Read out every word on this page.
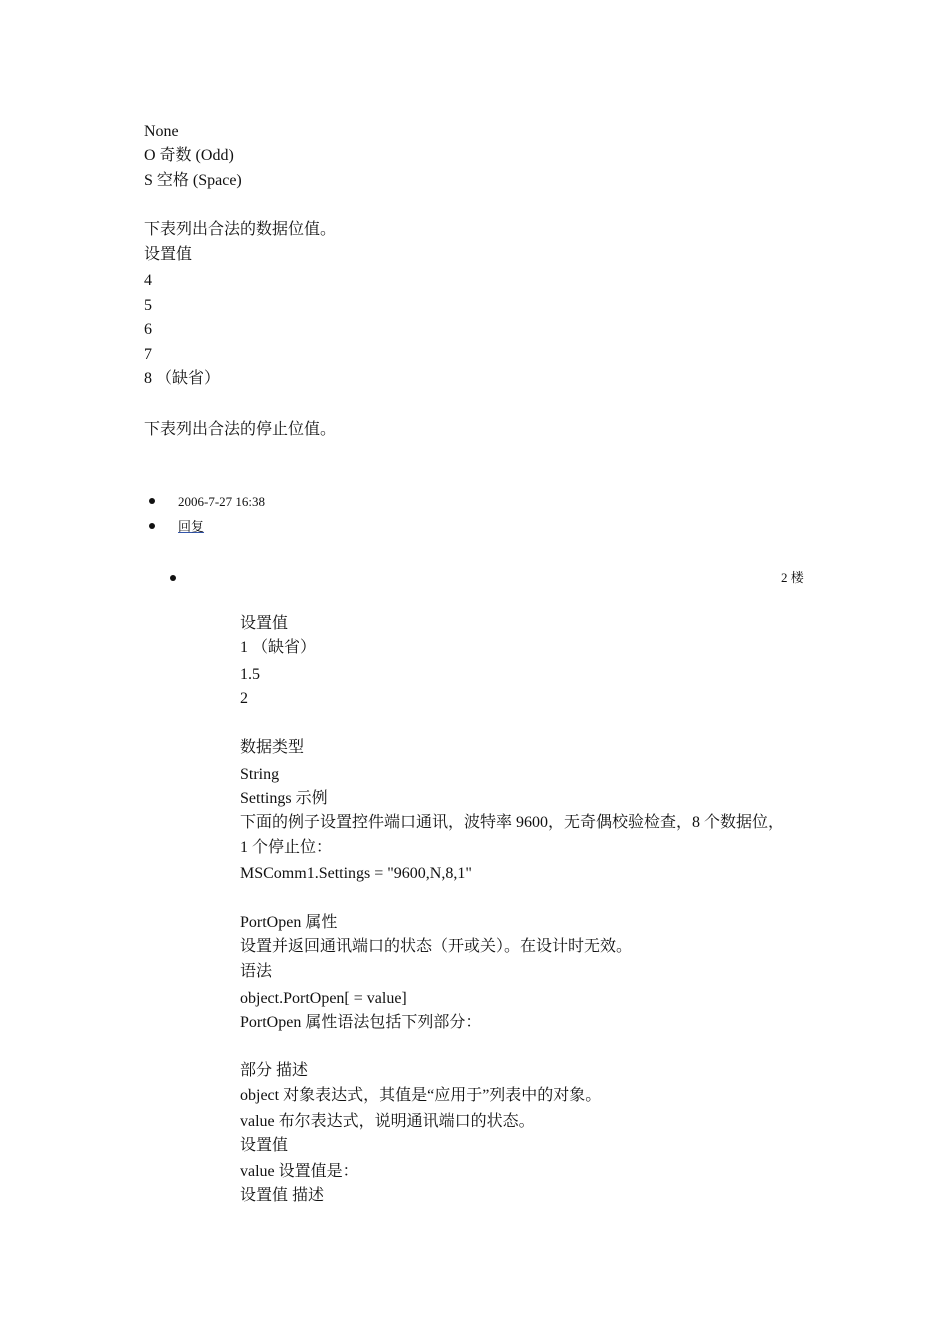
None
O 奇数 (Odd)
S 空格 (Space)
下表列出合法的数据位值。
设置值
4
5
6
7
8 （缺省）
下表列出合法的停止位值。
2006-7-27 16:38
回复
2 楼
设置值
1 （缺省）
1.5
2
数据类型
String
Settings 示例
下面的例子设置控件端口通讯，波特率 9600，无奇偶校验检查，8 个数据位，
1 个停止位：
MSComm1.Settings = "9600,N,8,1"
PortOpen 属性
设置并返回通讯端口的状态（开或关）。在设计时无效。
语法
object.PortOpen[ = value]
PortOpen 属性语法包括下列部分：
部分 描述
object 对象表达式，其值是“应用于”列表中的对象。
value 布尔表达式，说明通讯端口的状态。
设置值
value 设置值是：
设置值 描述
